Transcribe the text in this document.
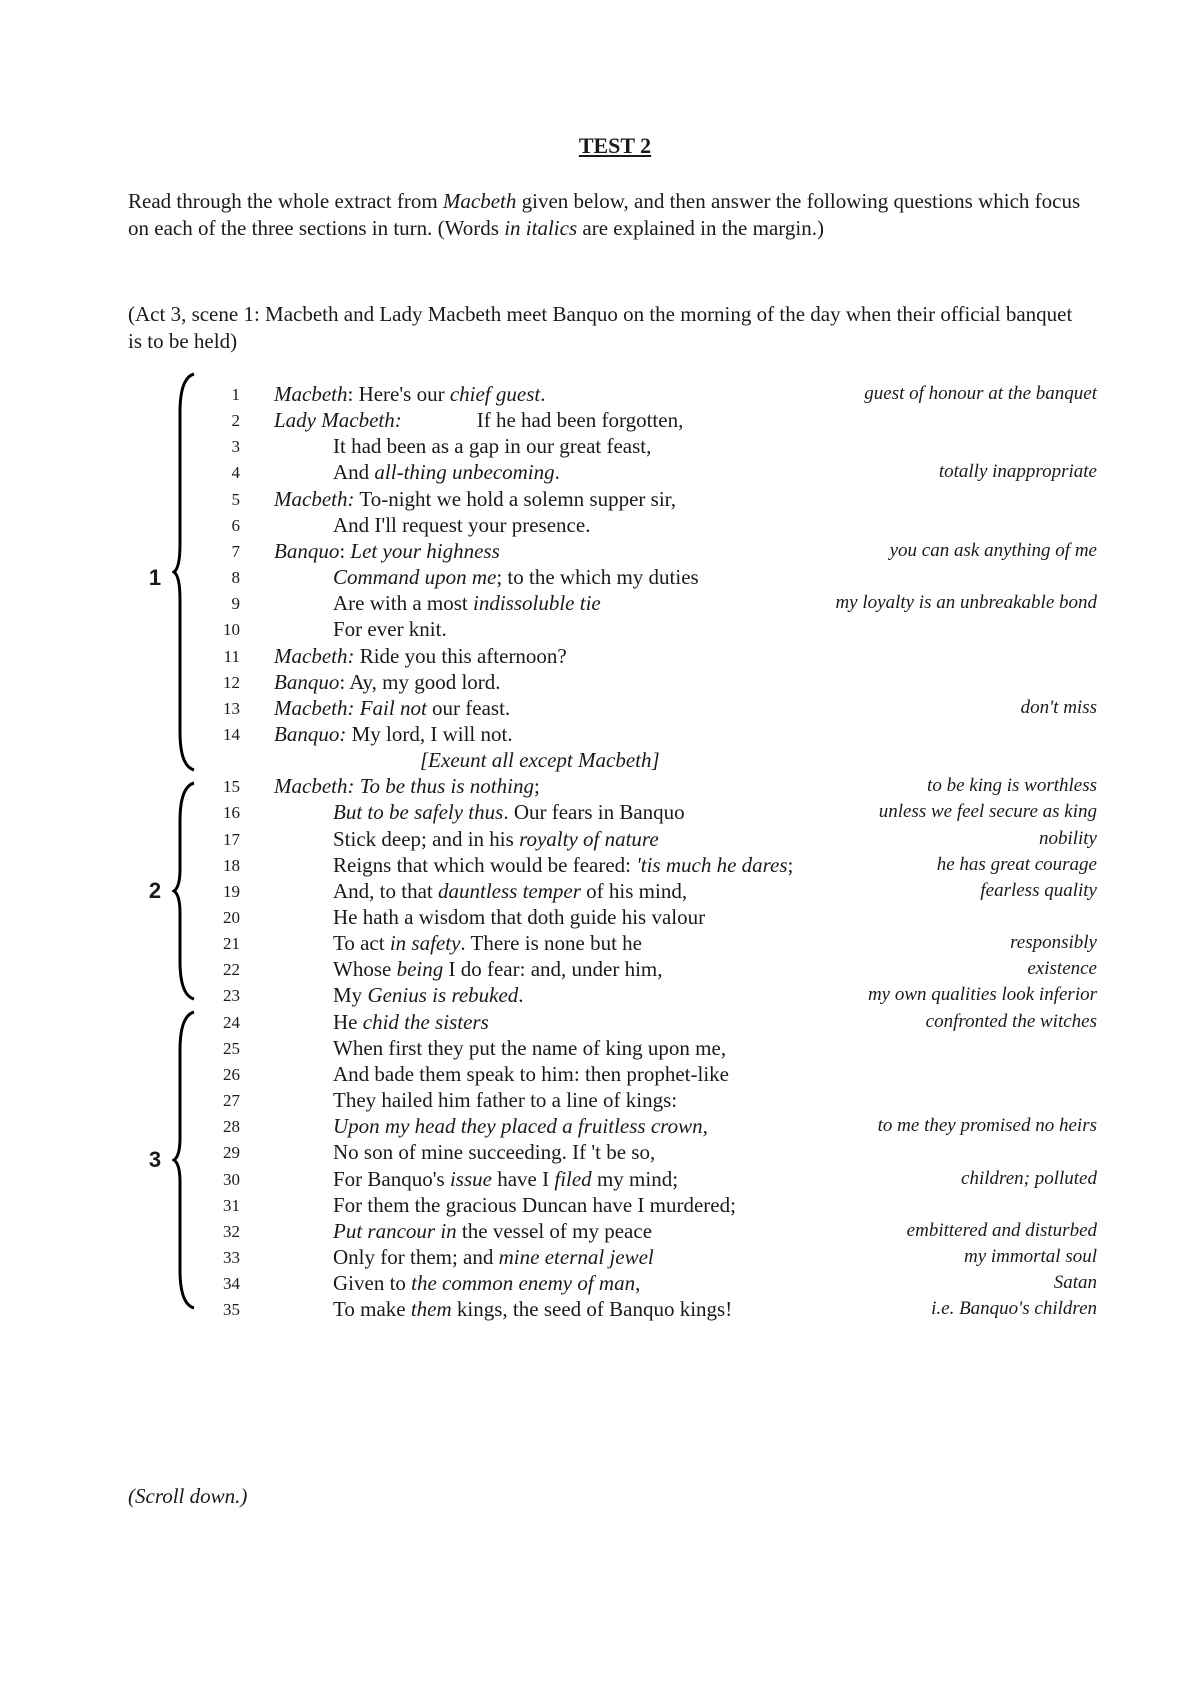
TEST 2
Read through the whole extract from Macbeth given below, and then answer the following questions which focus on each of the three sections in turn. (Words in italics are explained in the margin.)
(Act 3, scene 1: Macbeth and Lady Macbeth meet Banquo on the morning of the day when their official banquet is to be held)
1 Macbeth: Here's our chief guest.	guest of honour at the banquet
2 Lady Macbeth:	If he had been forgotten,
3	It had been as a gap in our great feast,
4	And all-thing unbecoming.	totally inappropriate
5 Macbeth: To-night we hold a solemn supper sir,
6	And I'll request your presence.
7 Banquo: Let your highness	you can ask anything of me
8	Command upon me; to the which my duties
9	Are with a most indissoluble tie	my loyalty is an unbreakable bond
10	For ever knit.
11 Macbeth: Ride you this afternoon?
12 Banquo: Ay, my good lord.
13 Macbeth: Fail not our feast.	don't miss
14 Banquo: My lord, I will not.
[Exeunt all except Macbeth]
15 Macbeth: To be thus is nothing;	to be king is worthless
16	But to be safely thus. Our fears in Banquo	unless we feel secure as king
17	Stick deep; and in his royalty of nature	nobility
18	Reigns that which would be feared: 'tis much he dares;	he has great courage
19	And, to that dauntless temper of his mind,	fearless quality
20	He hath a wisdom that doth guide his valour
21	To act in safety. There is none but he	responsibly
22	Whose being I do fear: and, under him,	existence
23	My Genius is rebuked.	my own qualities look inferior
24	He chid the sisters	confronted the witches
25	When first they put the name of king upon me,
26	And bade them speak to him: then prophet-like
27	They hailed him father to a line of kings:
28	Upon my head they placed a fruitless crown,	to me they promised no heirs
29	No son of mine succeeding. If 't be so,
30	For Banquo's issue have I filed my mind;	children; polluted
31	For them the gracious Duncan have I murdered;
32	Put rancour in the vessel of my peace	embittered and disturbed
33	Only for them; and mine eternal jewel	my immortal soul
34	Given to the common enemy of man,	Satan
35	To make them kings, the seed of Banquo kings!	i.e. Banquo's children
1
2
3
(Scroll down.)
